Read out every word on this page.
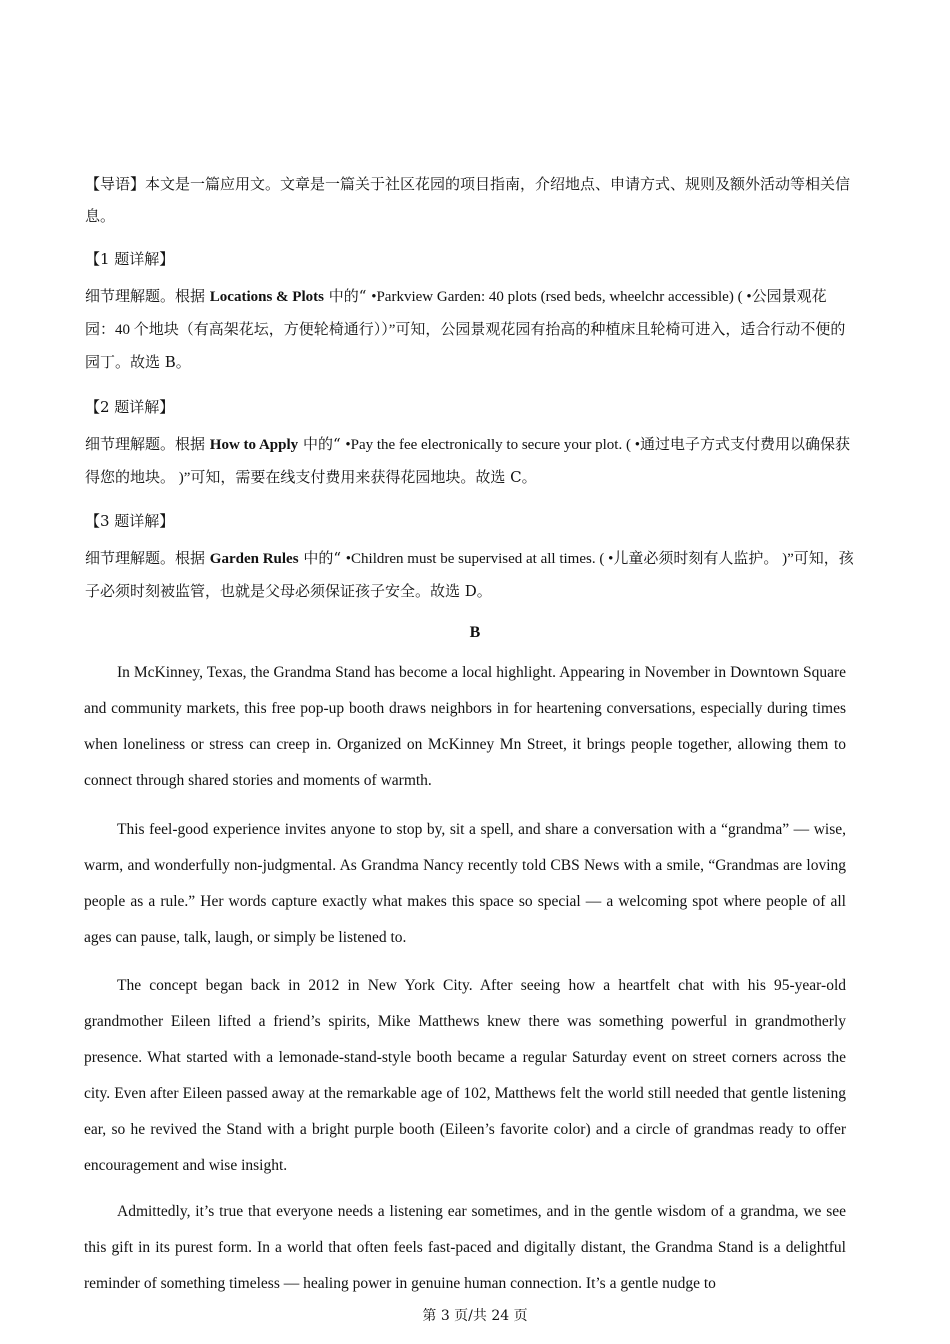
【导语】本文是一篇应用文。文章是一篇关于社区花园的项目指南，介绍地点、申请方式、规则及额外活动等相关信息。
【1 题详解】
细节理解题。根据 Locations & Plots 中的“ •Parkview Garden: 40 plots (rsed beds, wheelchr accessible) ( •公园景观花园：40 个地块（有高架花坛，方便轮椅通行））”可知，公园景观花园有抬高的种植床且轮椅可进入，适合行动不便的园丁。故选 B。
【2 题详解】
细节理解题。根据 How to Apply 中的“ •Pay the fee electronically to secure your plot. ( •通过电子方式支付费用以确保获得您的地块。 )”可知，需要在线支付费用来获得花园地块。故选 C。
【3 题详解】
细节理解题。根据 Garden Rules 中的“ •Children must be supervised at all times. ( •儿童必须时刻有人监护。 )”可知，孩子必须时刻被监管，也就是父母必须保证孩子安全。故选 D。
B

In McKinney, Texas, the Grandma Stand has become a local highlight. Appearing in November in Downtown Square and community markets, this free pop-up booth draws neighbors in for heartening conversations, especially during times when loneliness or stress can creep in. Organized on McKinney Mn Street, it brings people together, allowing them to connect through shared stories and moments of warmth.

This feel-good experience invites anyone to stop by, sit a spell, and share a conversation with a “grandma” — wise, warm, and wonderfully non-judgmental. As Grandma Nancy recently told CBS News with a smile, “Grandmas are loving people as a rule.” Her words capture exactly what makes this space so special — a welcoming spot where people of all ages can pause, talk, laugh, or simply be listened to.

The concept began back in 2012 in New York City. After seeing how a heartfelt chat with his 95-year-old grandmother Eileen lifted a friend’s spirits, Mike Matthews knew there was something powerful in grandmotherly presence. What started with a lemonade-stand-style booth became a regular Saturday event on street corners across the city. Even after Eileen passed away at the remarkable age of 102, Matthews felt the world still needed that gentle listening ear, so he revived the Stand with a bright purple booth (Eileen’s favorite color) and a circle of grandmas ready to offer encouragement and wise insight.

Admittedly, it’s true that everyone needs a listening ear sometimes, and in the gentle wisdom of a grandma, we see this gift in its purest form. In a world that often feels fast-paced and digitally distant, the Grandma Stand is a delightful reminder of something timeless — healing power in genuine human connection. It’s a gentle nudge to

第 3 页/共 24 页
